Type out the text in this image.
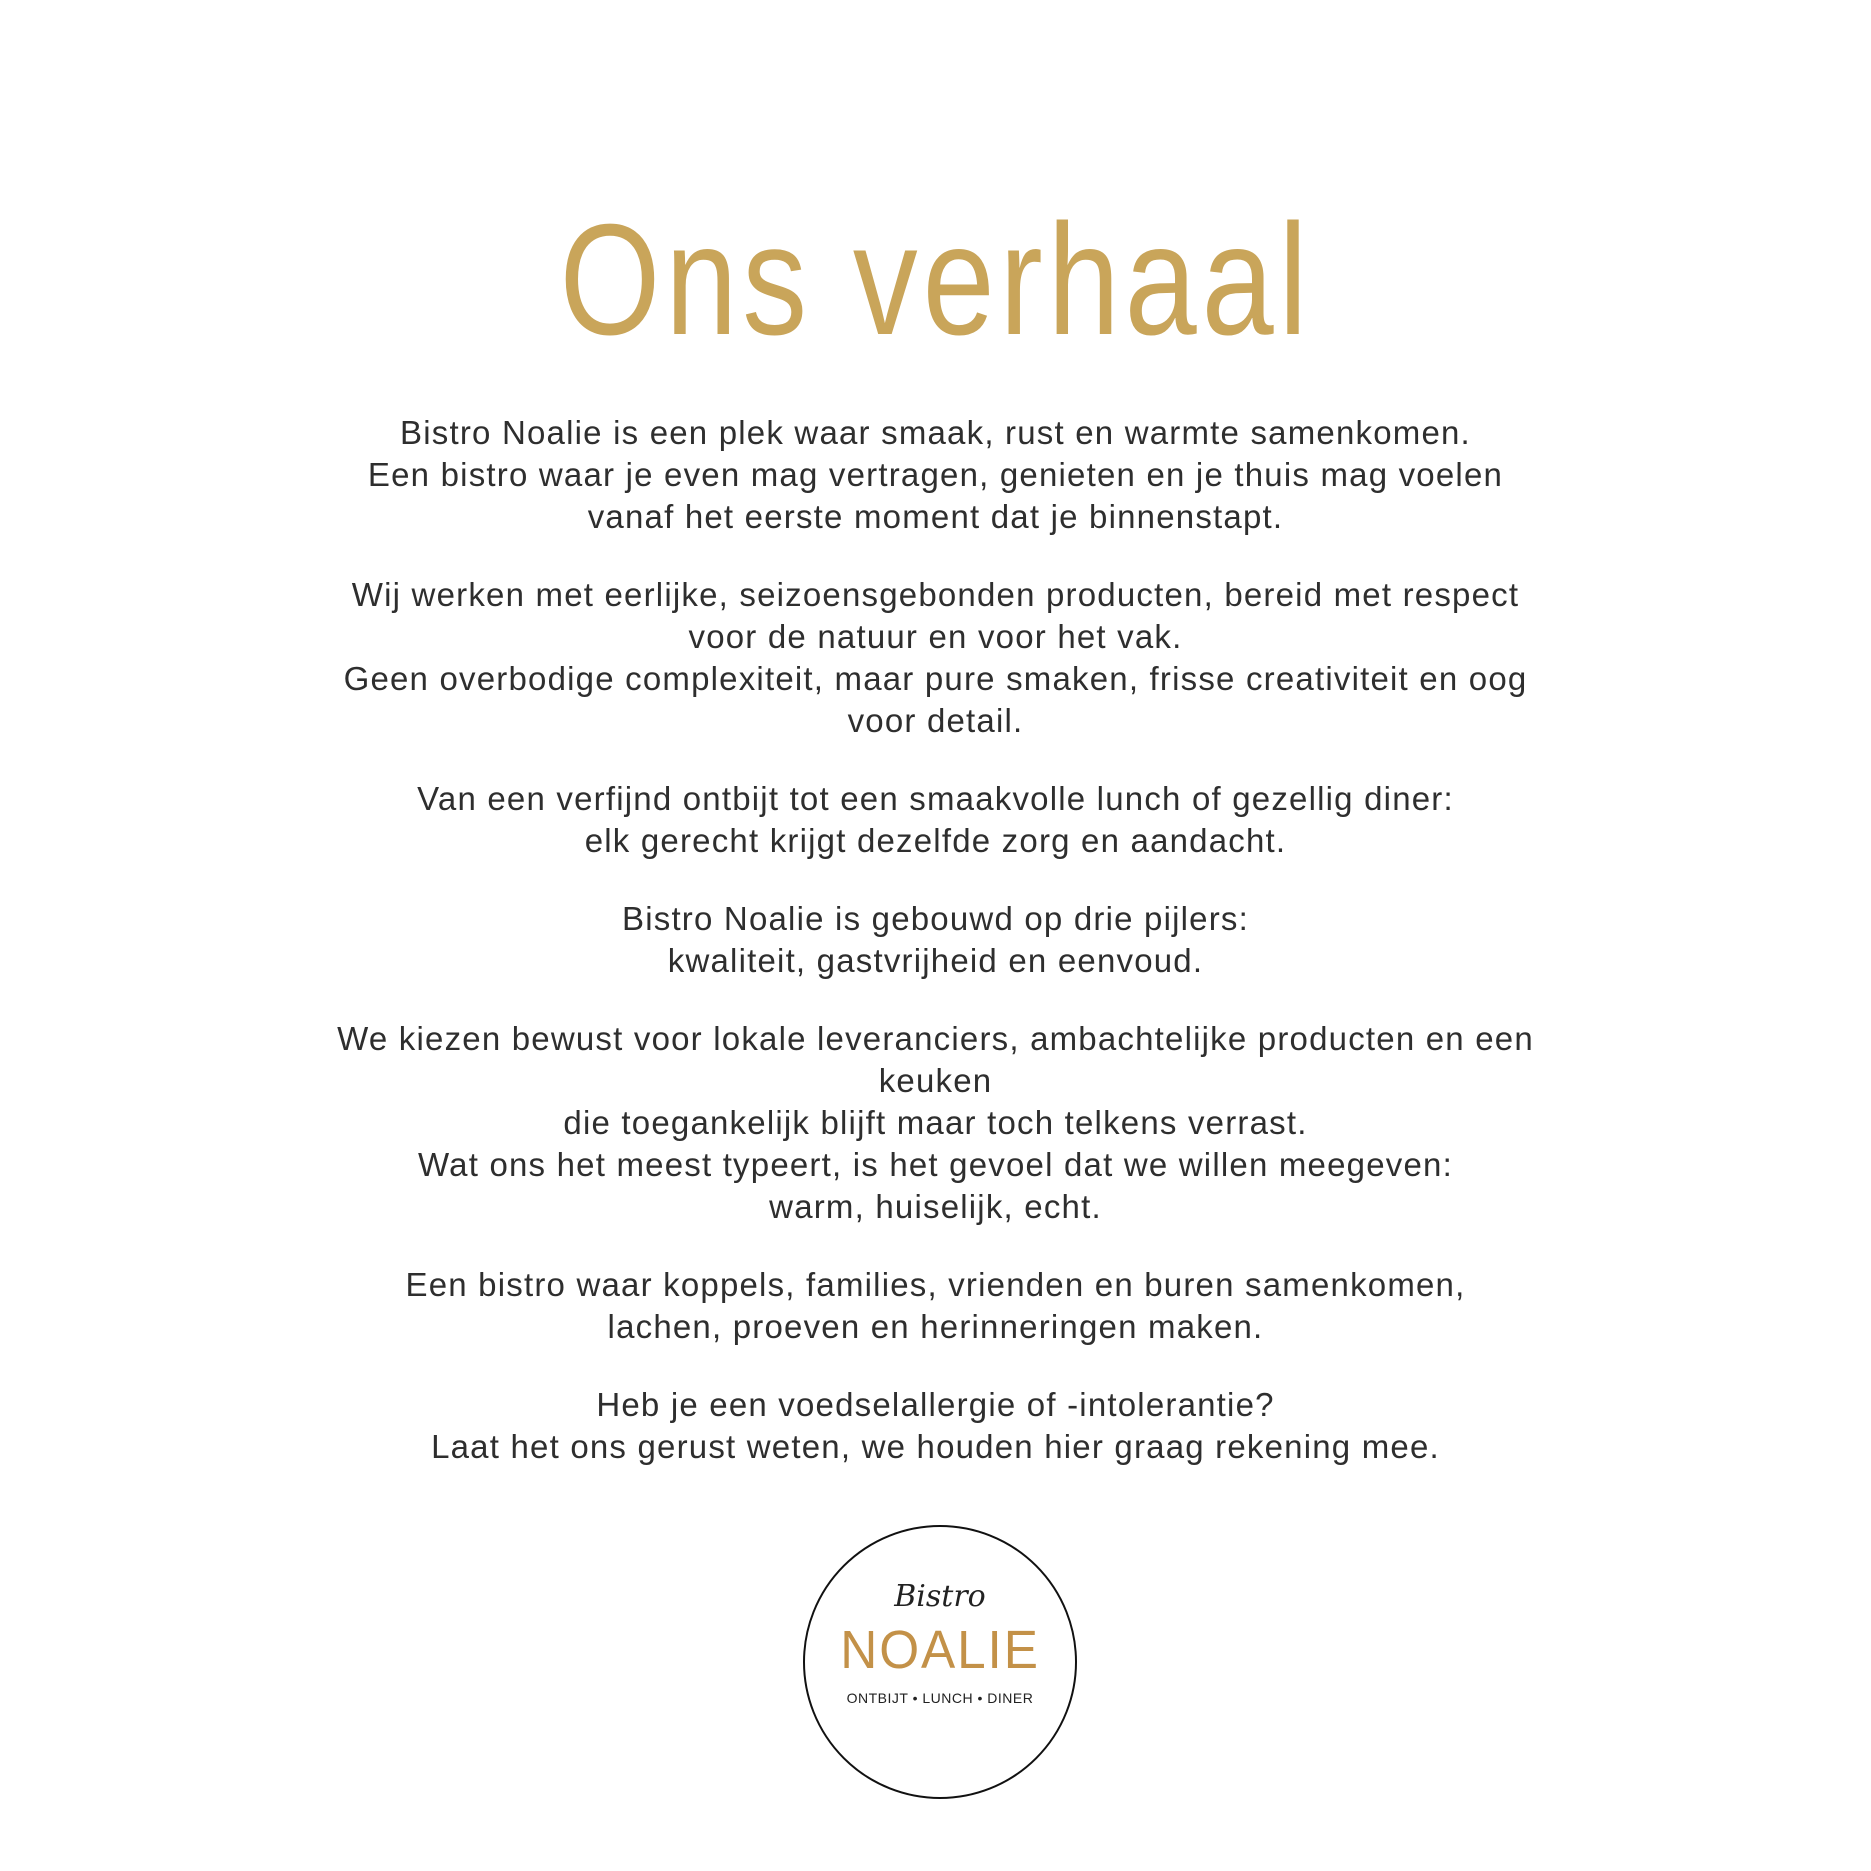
Ons verhaal
Bistro Noalie is een plek waar smaak, rust en warmte samenkomen.
Een bistro waar je even mag vertragen, genieten en je thuis mag voelen
vanaf het eerste moment dat je binnenstapt.
Wij werken met eerlijke, seizoensgebonden producten, bereid met respect
voor de natuur en voor het vak.
Geen overbodige complexiteit, maar pure smaken, frisse creativiteit en oog
voor detail.
Van een verfijnd ontbijt tot een smaakvolle lunch of gezellig diner:
elk gerecht krijgt dezelfde zorg en aandacht.
Bistro Noalie is gebouwd op drie pijlers:
kwaliteit, gastvrijheid en eenvoud.
We kiezen bewust voor lokale leveranciers, ambachtelijke producten en een
keuken
die toegankelijk blijft maar toch telkens verrast.
Wat ons het meest typeert, is het gevoel dat we willen meegeven:
warm, huiselijk, echt.
Een bistro waar koppels, families, vrienden en buren samenkomen,
lachen, proeven en herinneringen maken.
Heb je een voedselallergie of -intolerantie?
Laat het ons gerust weten, we houden hier graag rekening mee.
Bistro
NOALIE
ONTBIJT • LUNCH • DINER
